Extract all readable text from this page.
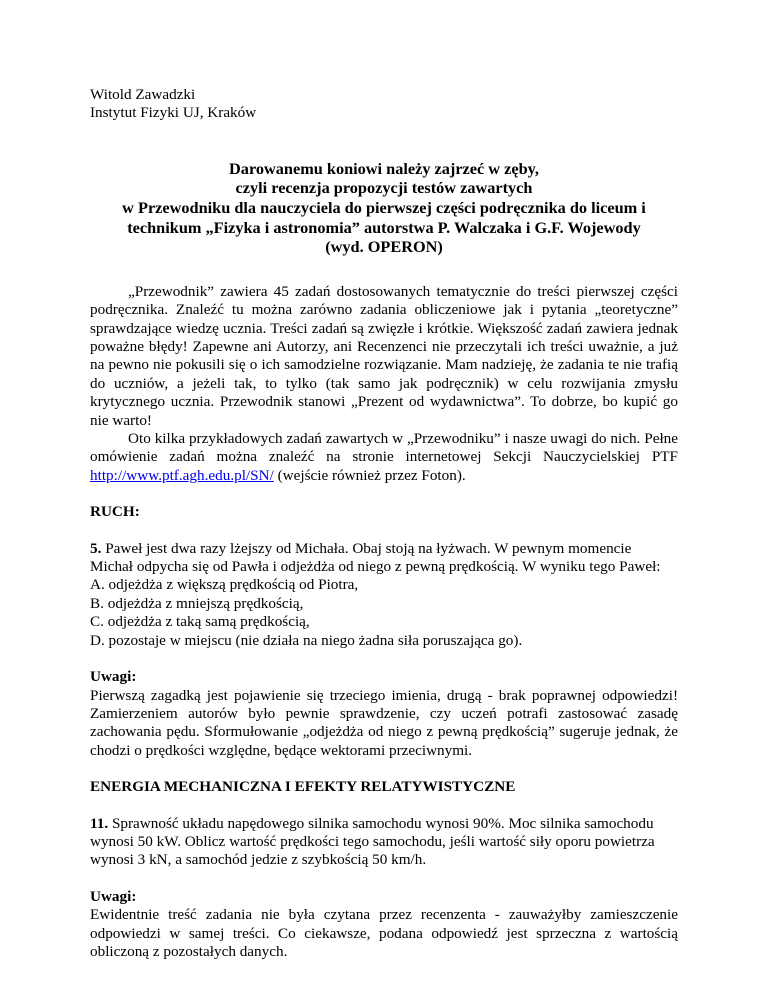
Witold Zawadzki

Instytut Fizyki UJ, Kraków

Darowanemu koniowi należy zajrzeć w zęby,

czyli recenzja propozycji testów zawartych

w Przewodniku dla nauczyciela do pierwszej części podręcznika do liceum i

technikum „Fizyka i astronomia” autorstwa P. Walczaka i G.F. Wojewody

(wyd. OPERON)

„Przewodnik” zawiera 45 zadań dostosowanych tematycznie do treści pierwszej części podręcznika. Znaleźć tu można zarówno zadania obliczeniowe jak i pytania „teoretyczne” sprawdzające wiedzę ucznia. Treści zadań są zwięzłe i krótkie. Większość zadań zawiera jednak poważne błędy! Zapewne ani Autorzy, ani Recenzenci nie przeczytali ich treści uważnie, a już na pewno nie pokusili się o ich samodzielne rozwiązanie. Mam nadzieję, że zadania te nie trafią do uczniów, a jeżeli tak, to tylko (tak samo jak podręcznik) w celu rozwijania zmysłu krytycznego ucznia. Przewodnik stanowi „Prezent od wydawnictwa”. To dobrze, bo kupić go nie warto!

Oto kilka przykładowych zadań zawartych w „Przewodniku” i nasze uwagi do nich. Pełne omówienie zadań można znaleźć na stronie internetowej Sekcji Nauczycielskiej PTF http://www.ptf.agh.edu.pl/SN/ (wejście również przez Foton).

RUCH:

5. Paweł jest dwa razy lżejszy od Michała. Obaj stoją na łyżwach. W pewnym momencie Michał odpycha się od Pawła i odjeżdża od niego z pewną prędkością. W wyniku tego Paweł:

A. odjeżdża z większą prędkością od Piotra,
B. odjeżdża z mniejszą prędkością,
C. odjeżdża z taką samą prędkością,
D. pozostaje w miejscu (nie działa na niego żadna siła poruszająca go).

Uwagi:

Pierwszą zagadką jest pojawienie się trzeciego imienia, drugą - brak poprawnej odpowiedzi! Zamierzeniem autorów było pewnie sprawdzenie, czy uczeń potrafi zastosować zasadę zachowania pędu. Sformułowanie „odjeżdża od niego z pewną prędkością” sugeruje jednak, że chodzi o prędkości względne, będące wektorami przeciwnymi.

ENERGIA MECHANICZNA I EFEKTY RELATYWISTYCZNE

11. Sprawność układu napędowego silnika samochodu wynosi 90%. Moc silnika samochodu wynosi 50 kW. Oblicz wartość prędkości tego samochodu, jeśli wartość siły oporu powietrza wynosi 3 kN, a samochód jedzie z szybkością 50 km/h.

Uwagi:

Ewidentnie treść zadania nie była czytana przez recenzenta - zauważyłby zamieszczenie odpowiedzi w samej treści. Co ciekawsze, podana odpowiedź jest sprzeczna z wartością obliczoną z pozostałych danych.
